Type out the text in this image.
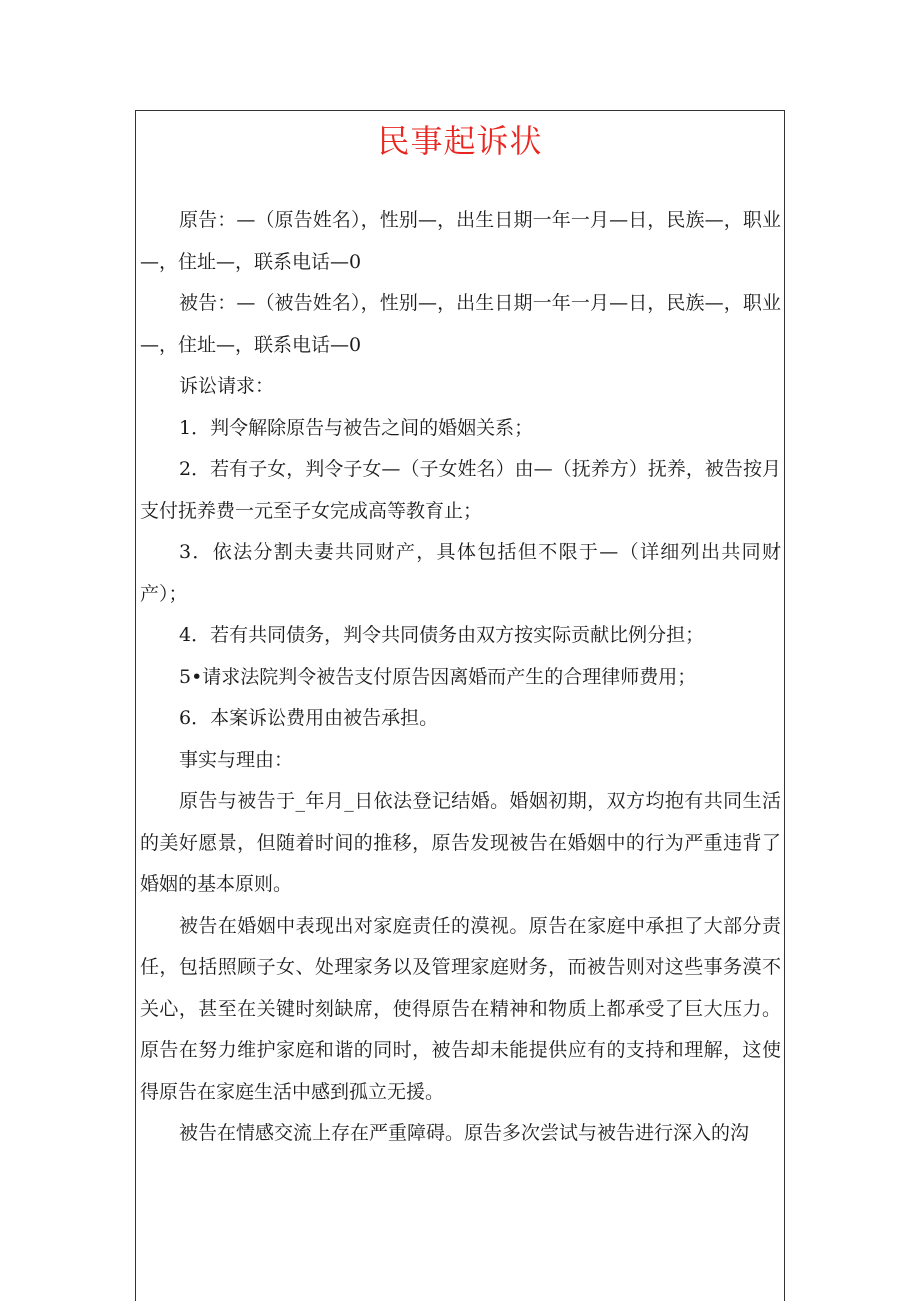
民事起诉状

原告：—（原告姓名），性别—，出生日期一年一月—日，民族—，职业—，住址—，联系电话—0

被告：—（被告姓名），性别—，出生日期一年一月—日，民族—，职业—，住址—，联系电话—0

诉讼请求：

1．判令解除原告与被告之间的婚姻关系；

2．若有子女，判令子女—（子女姓名）由—（抚养方）抚养，被告按月支付抚养费一元至子女完成高等教育止；

3．依法分割夫妻共同财产，具体包括但不限于—（详细列出共同财产）；

4．若有共同债务，判令共同债务由双方按实际贡献比例分担；

5•请求法院判令被告支付原告因离婚而产生的合理律师费用；

6．本案诉讼费用由被告承担。

事实与理由：

原告与被告于_年月_日依法登记结婚。婚姻初期，双方均抱有共同生活的美好愿景，但随着时间的推移，原告发现被告在婚姻中的行为严重违背了婚姻的基本原则。

被告在婚姻中表现出对家庭责任的漠视。原告在家庭中承担了大部分责任，包括照顾子女、处理家务以及管理家庭财务，而被告则对这些事务漠不关心，甚至在关键时刻缺席，使得原告在精神和物质上都承受了巨大压力。原告在努力维护家庭和谐的同时，被告却未能提供应有的支持和理解，这使得原告在家庭生活中感到孤立无援。

被告在情感交流上存在严重障碍。原告多次尝试与被告进行深入的沟
